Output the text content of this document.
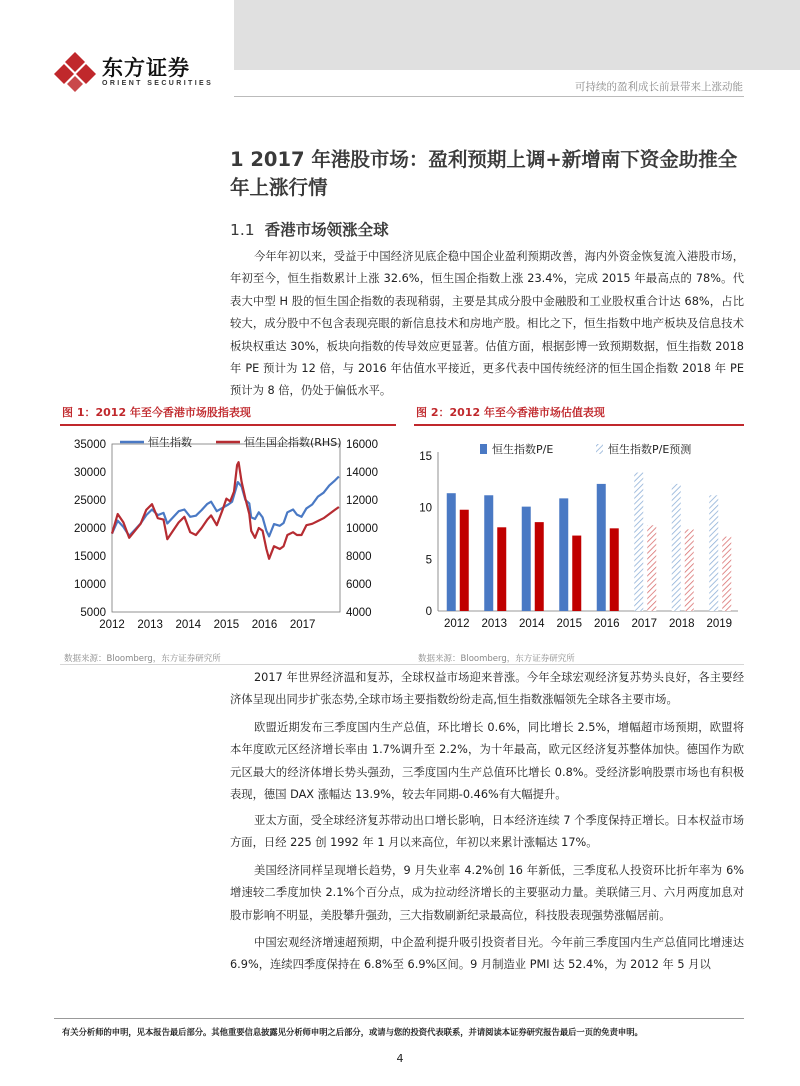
东方证券
ORIENT SECURITIES	可持续的盈利成长前景带来上涨动能
1 2017 年港股市场：盈利预期上调+新增南下资金助推全年上涨行情
1.1 香港市场领涨全球
今年年初以来，受益于中国经济见底企稳中国企业盈利预期改善，海内外资金恢复流入港股市场，年初至今，恒生指数累计上涨 32.6%，恒生国企指数上涨 23.4%，完成 2015 年最高点的 78%。代表大中型 H 股的恒生国企指数的表现稍弱，主要是其成分股中金融股和工业股权重合计达 68%，占比较大，成分股中不包含表现亮眼的新信息技术和房地产股。相比之下，恒生指数中地产板块及信息技术板块权重达 30%，板块向指数的传导效应更显著。估值方面，根据彭博一致预期数据，恒生指数 2018 年 PE 预计为 12 倍，与 2016 年估值水平接近，更多代表中国传统经济的恒生国企指数 2018 年 PE 预计为 8 倍，仍处于偏低水平。
图 1：2012 年至今香港市场股指表现	图 2：2012 年至今香港市场估值表现
35000
30000
25000
20000
15000
10000
5000
16000
14000
12000
10000
8000
6000
4000
2012 2013 2014 2015 2016 2017
恒生指数	恒生国企指数(RHS)
15
10
5
0
2012 2013 2014 2015 2016 2017 2018 2019
恒生指数P/E	恒生指数P/E预测
数据来源：Bloomberg，东方证券研究所	数据来源：Bloomberg，东方证券研究所
2017 年世界经济温和复苏，全球权益市场迎来普涨。今年全球宏观经济复苏势头良好，各主要经济体呈现出同步扩张态势,全球市场主要指数纷纷走高,恒生指数涨幅领先全球各主要市场。
欧盟近期发布三季度国内生产总值，环比增长 0.6%，同比增长 2.5%，增幅超市场预期，欧盟将本年度欧元区经济增长率由 1.7%调升至 2.2%，为十年最高，欧元区经济复苏整体加快。德国作为欧元区最大的经济体增长势头强劲，三季度国内生产总值环比增长 0.8%。受经济影响股票市场也有积极表现，德国 DAX 涨幅达 13.9%，较去年同期-0.46%有大幅提升。
亚太方面，受全球经济复苏带动出口增长影响，日本经济连续 7 个季度保持正增长。日本权益市场方面，日经 225 创 1992 年 1 月以来高位，年初以来累计涨幅达 17%。
美国经济同样呈现增长趋势，9 月失业率 4.2%创 16 年新低，三季度私人投资环比折年率为 6%增速较二季度加快 2.1%个百分点，成为拉动经济增长的主要驱动力量。美联储三月、六月两度加息对股市影响不明显，美股攀升强劲，三大指数刷新纪录最高位，科技股表现强势涨幅居前。
中国宏观经济增速超预期，中企盈利提升吸引投资者目光。今年前三季度国内生产总值同比增速达 6.9%，连续四季度保持在 6.8%至 6.9%区间。9 月制造业 PMI 达 52.4%，为 2012 年 5 月以
有关分析师的申明，见本报告最后部分。其他重要信息披露见分析师申明之后部分，或请与您的投资代表联系，并请阅读本证券研究报告最后一页的免责申明。
4
